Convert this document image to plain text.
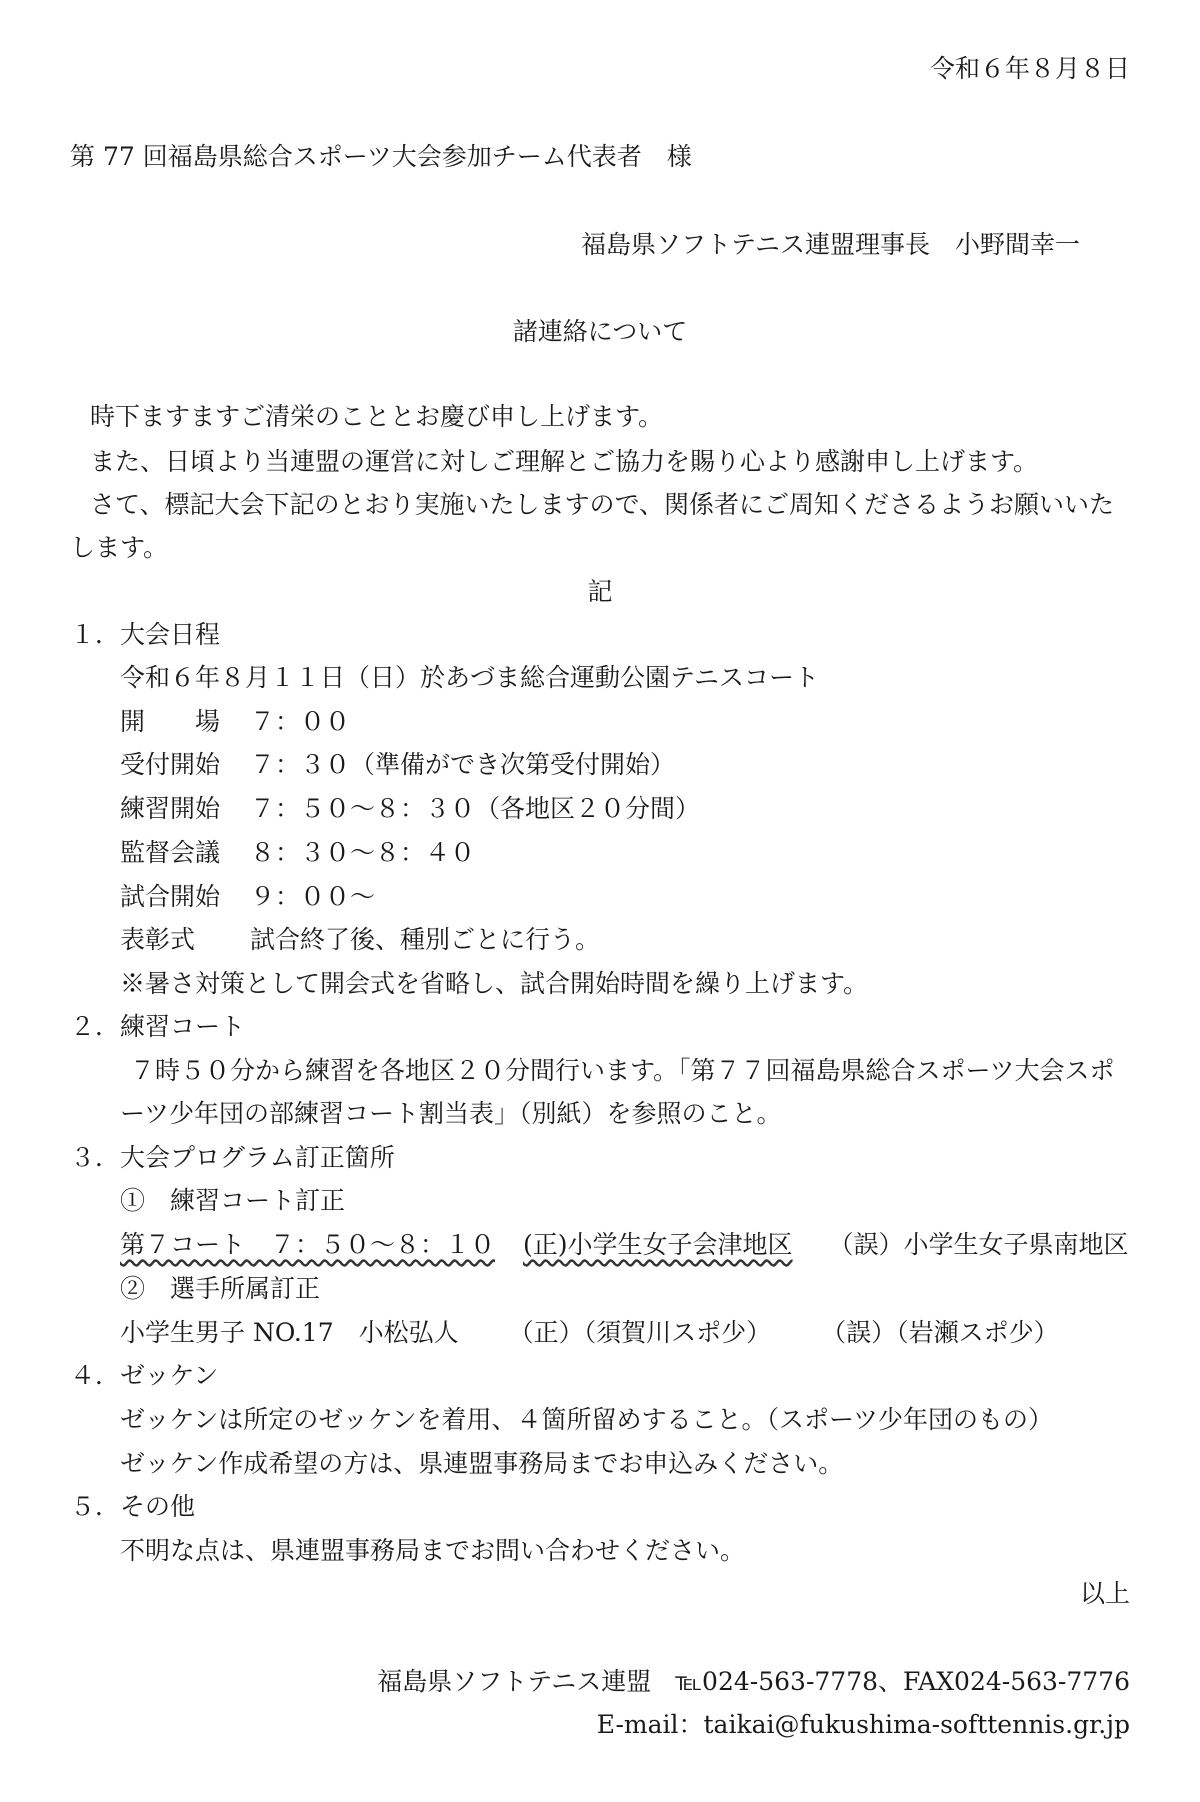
令和６年８月８日
第 77 回福島県総合スポーツ大会参加チーム代表者　様
福島県ソフトテニス連盟理事長　小野間幸一
諸連絡について
時下ますますご清栄のこととお慶び申し上げます。
また、日頃より当連盟の運営に対しご理解とご協力を賜り心より感謝申し上げます。
さて、標記大会下記のとおり実施いたしますので、関係者にご周知くださるようお願いいた
します。
記
１．大会日程
令和６年８月１１日（日）於あづま総合運動公園テニスコート
開　　場 ７：００
受付開始 ７：３０（準備ができ次第受付開始）
練習開始 ７：５０～８：３０（各地区２０分間）
監督会議 ８：３０～８：４０
試合開始 ９：００～
表彰式 試合終了後、種別ごとに行う。
※暑さ対策として開会式を省略し、試合開始時間を繰り上げます。
２．練習コート
７時５０分から練習を各地区２０分間行います。「第７７回福島県総合スポーツ大会スポ
ーツ少年団の部練習コート割当表」（別紙）を参照のこと。
３．大会プログラム訂正箇所
①　練習コート訂正
第７コート　７：５０～８：１０ (正)小学生女子会津地区 （誤）小学生女子県南地区
②　選手所属訂正
小学生男子 NO.17　小松弘人 （正）（須賀川スポ少） （誤）（岩瀬スポ少）
４．ゼッケン
ゼッケンは所定のゼッケンを着用、４箇所留めすること。（スポーツ少年団のもの）
ゼッケン作成希望の方は、県連盟事務局までお申込みください。
５．その他
不明な点は、県連盟事務局までお問い合わせください。
以上
福島県ソフトテニス連盟 ℡024-563-7778、FAX024-563-7776
E-mail：taikai@fukushima-softtennis.gr.jp
